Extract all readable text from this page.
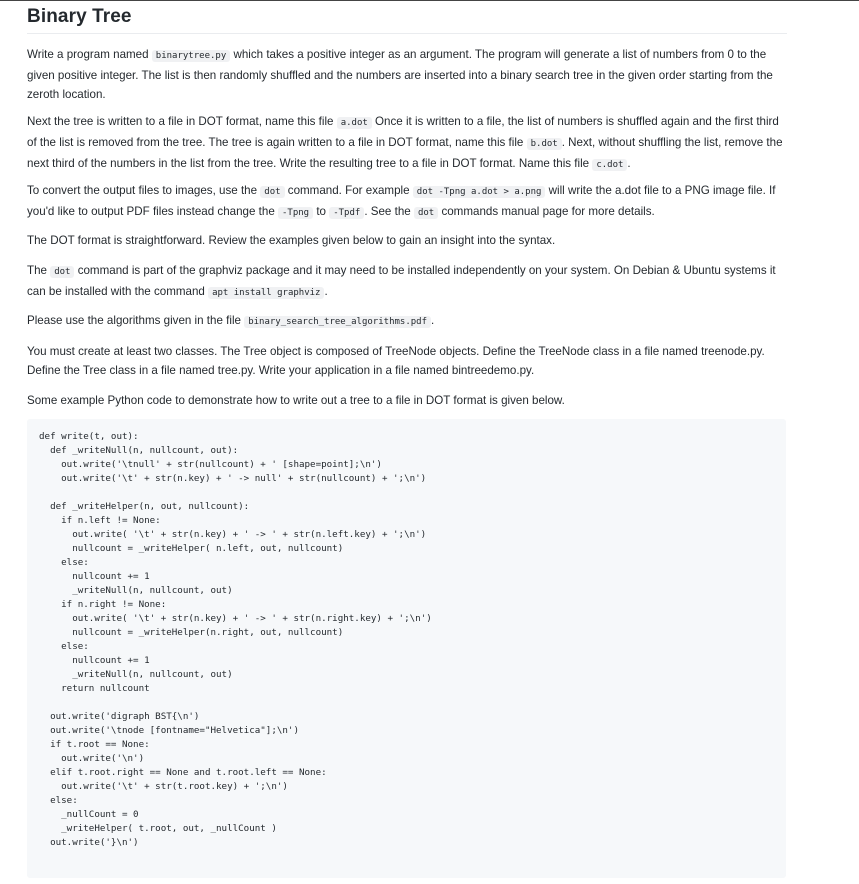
Binary Tree

Write a program named binarytree.py which takes a positive integer as an argument. The program will generate a list of numbers from 0 to the given positive integer. The list is then randomly shuffled and the numbers are inserted into a binary search tree in the given order starting from the zeroth location.

Next the tree is written to a file in DOT format, name this file a.dot Once it is written to a file, the list of numbers is shuffled again and the first third of the list is removed from the tree. The tree is again written to a file in DOT format, name this file b.dot . Next, without shuffling the list, remove the next third of the numbers in the list from the tree. Write the resulting tree to a file in DOT format. Name this file c.dot .

To convert the output files to images, use the dot command. For example dot -Tpng a.dot > a.png will write the a.dot file to a PNG image file. If you'd like to output PDF files instead change the -Tpng to -Tpdf . See the dot commands manual page for more details.

The DOT format is straightforward. Review the examples given below to gain an insight into the syntax.

The dot command is part of the graphviz package and it may need to be installed independently on your system. On Debian & Ubuntu systems it can be installed with the command apt install graphviz .

Please use the algorithms given in the file binary_search_tree_algorithms.pdf .

You must create at least two classes. The Tree object is composed of TreeNode objects. Define the TreeNode class in a file named treenode.py. Define the Tree class in a file named tree.py. Write your application in a file named bintreedemo.py.

Some example Python code to demonstrate how to write out a tree to a file in DOT format is given below.

def write(t, out):
def _writeNull(n, nullcount, out):
out.write('\tnull' + str(nullcount) + ' [shape=point];\n')
out.write('\t' + str(n.key) + ' -> null' + str(nullcount) + ';\n')

def _writeHelper(n, out, nullcount):
if n.left != None:
out.write( '\t' + str(n.key) + ' -> ' + str(n.left.key) + ';\n')
nullcount = _writeHelper( n.left, out, nullcount)
else:
nullcount += 1
_writeNull(n, nullcount, out)
if n.right != None:
out.write( '\t' + str(n.key) + ' -> ' + str(n.right.key) + ';\n')
nullcount = _writeHelper(n.right, out, nullcount)
else:
nullcount += 1
_writeNull(n, nullcount, out)
return nullcount

out.write('digraph BST{\n')
out.write('\tnode [fontname="Helvetica"];\n')
if t.root == None:
out.write('\n')
elif t.root.right == None and t.root.left == None:
out.write('\t' + str(t.root.key) + ';\n')
else:
_nullCount = 0
_writeHelper( t.root, out, _nullCount )
out.write('}\n')
